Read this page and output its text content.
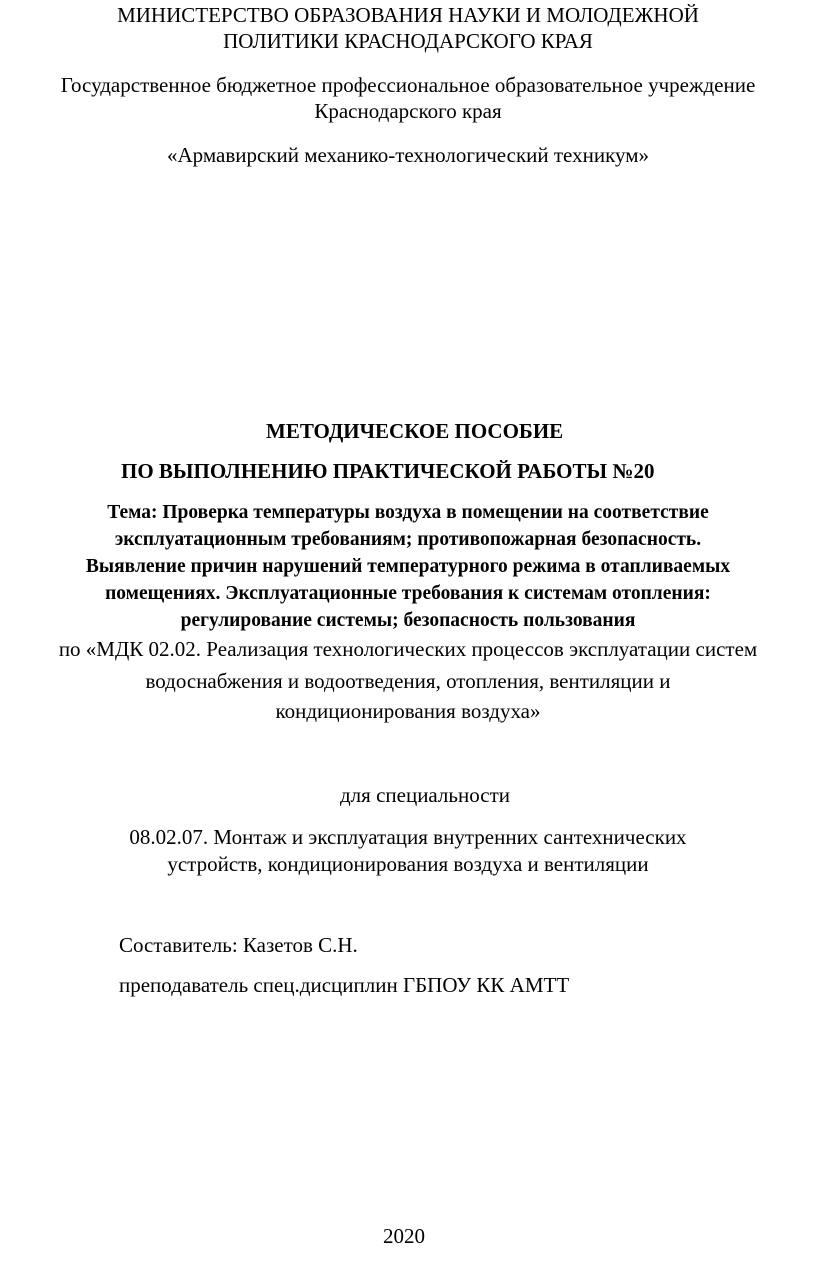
МИНИСТЕРСТВО ОБРАЗОВАНИЯ НАУКИ И МОЛОДЕЖНОЙ
ПОЛИТИКИ КРАСНОДАРСКОГО КРАЯ
Государственное бюджетное профессиональное образовательное учреждение
Краснодарского края
«Армавирский механико-технологический техникум»
МЕТОДИЧЕСКОЕ ПОСОБИЕ
ПО ВЫПОЛНЕНИЮ ПРАКТИЧЕСКОЙ РАБОТЫ №20
Тема: Проверка температуры воздуха в помещении на соответствие
эксплуатационным требованиям; противопожарная безопасность.
Выявление причин нарушений температурного режима в отапливаемых
помещениях. Эксплуатационные требования к системам отопления:
регулирование системы; безопасность пользования
по «МДК 02.02. Реализация технологических процессов эксплуатации систем
водоснабжения и водоотведения, отопления, вентиляции и
кондиционирования воздуха»
для специальности
08.02.07. Монтаж и эксплуатация внутренних сантехнических
устройств, кондиционирования воздуха и вентиляции
Составитель: Казетов С.Н.
преподаватель спец.дисциплин ГБПОУ КК АМТТ
2020
